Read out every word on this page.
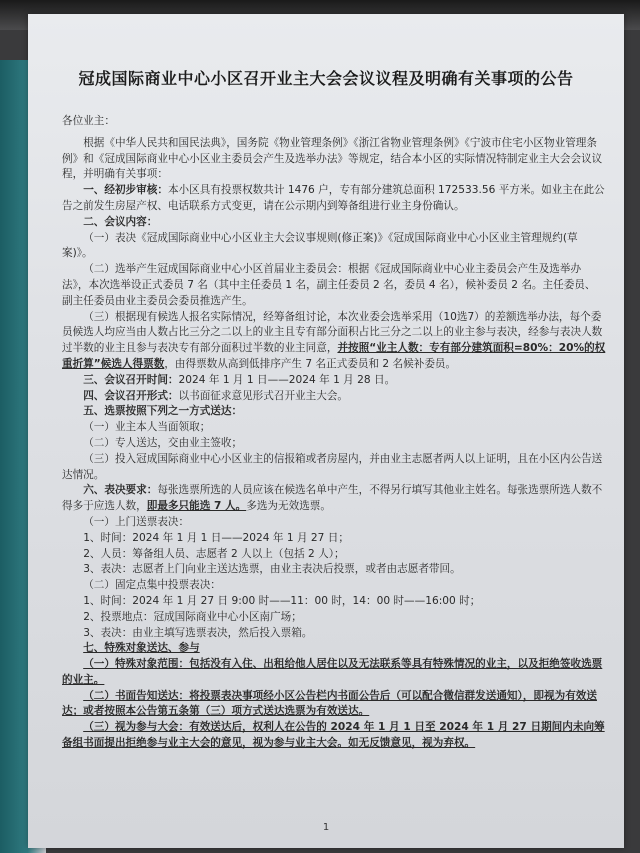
冠成国际商业中心小区召开业主大会会议议程及明确有关事项的公告

各位业主：

根据《中华人民共和国民法典》，国务院《物业管理条例》《浙江省物业管理条例》《宁波市住宅小区物业管理条例》和《冠成国际商业中心小区业主委员会产生及选举办法》等规定，结合本小区的实际情况特制定业主大会会议议程，并明确有关事项：

一、经初步审核：本小区具有投票权数共计 1476 户，专有部分建筑总面积 172533.56 平方米。如业主在此公告之前发生房屋产权、电话联系方式变更，请在公示期内到筹备组进行业主身份确认。

二、会议内容：

（一）表决《冠成国际商业中心小区业主大会议事规则(修正案)》《冠成国际商业中心小区业主管理规约(草案)》。

（二）选举产生冠成国际商业中心小区首届业主委员会：根据《冠成国际商业中心业主委员会产生及选举办法》，本次选举设正式委员 7 名（其中主任委员 1 名，副主任委员 2 名，委员 4 名），候补委员 2 名。主任委员、副主任委员由业主委员会委员推选产生。

（三）根据现有候选人报名实际情况，经筹备组讨论，本次业委会选举采用（10选7）的差额选举办法，每个委员候选人均应当由人数占比三分之二以上的业主且专有部分面积占比三分之二以上的业主参与表决，经参与表决人数过半数的业主且参与表决专有部分面积过半数的业主同意，并按照“业主人数：专有部分建筑面积=80%：20%的权重折算”候选人得票数，由得票数从高到低排序产生 7 名正式委员和 2 名候补委员。

三、会议召开时间：2024 年 1 月 1 日——2024 年 1 月 28 日。

四、会议召开形式：以书面征求意见形式召开业主大会。

五、选票按照下列之一方式送达：

（一）业主本人当面领取；

（二）专人送达，交由业主签收；

（三）投入冠成国际商业中心小区业主的信报箱或者房屋内，并由业主志愿者两人以上证明，且在小区内公告送达情况。

六、表决要求：每张选票所选的人员应该在候选名单中产生，不得另行填写其他业主姓名。每张选票所选人数不得多于应选人数，即最多只能选 7 人。多选为无效选票。

（一）上门送票表决：

1、时间：2024 年 1 月 1 日——2024 年 1 月 27 日；

2、人员：筹备组人员、志愿者 2 人以上（包括 2 人）；

3、表决：志愿者上门向业主送达选票，由业主表决后投票，或者由志愿者带回。

（二）固定点集中投票表决：

1、时间：2024 年 1 月 27 日 9:00 时——11：00 时，14：00 时——16:00 时；

2、投票地点：冠成国际商业中心小区南广场；

3、表决：由业主填写选票表决，然后投入票箱。

七、特殊对象送达、参与

（一）特殊对象范围：包括没有入住、出租给他人居住以及无法联系等具有特殊情况的业主，以及拒绝签收选票的业主。

（二）书面告知送达：将投票表决事项经小区公告栏内书面公告后（可以配合微信群发送通知），即视为有效送达；或者按照本公告第五条第（三）项方式送达选票为有效送达。

（三）视为参与大会：有效送达后，权利人在公告的 2024 年 1 月 1 日至 2024 年 1 月 27 日期间内未向筹备组书面提出拒绝参与业主大会的意见，视为参与业主大会。如无反馈意见，视为弃权。

1
